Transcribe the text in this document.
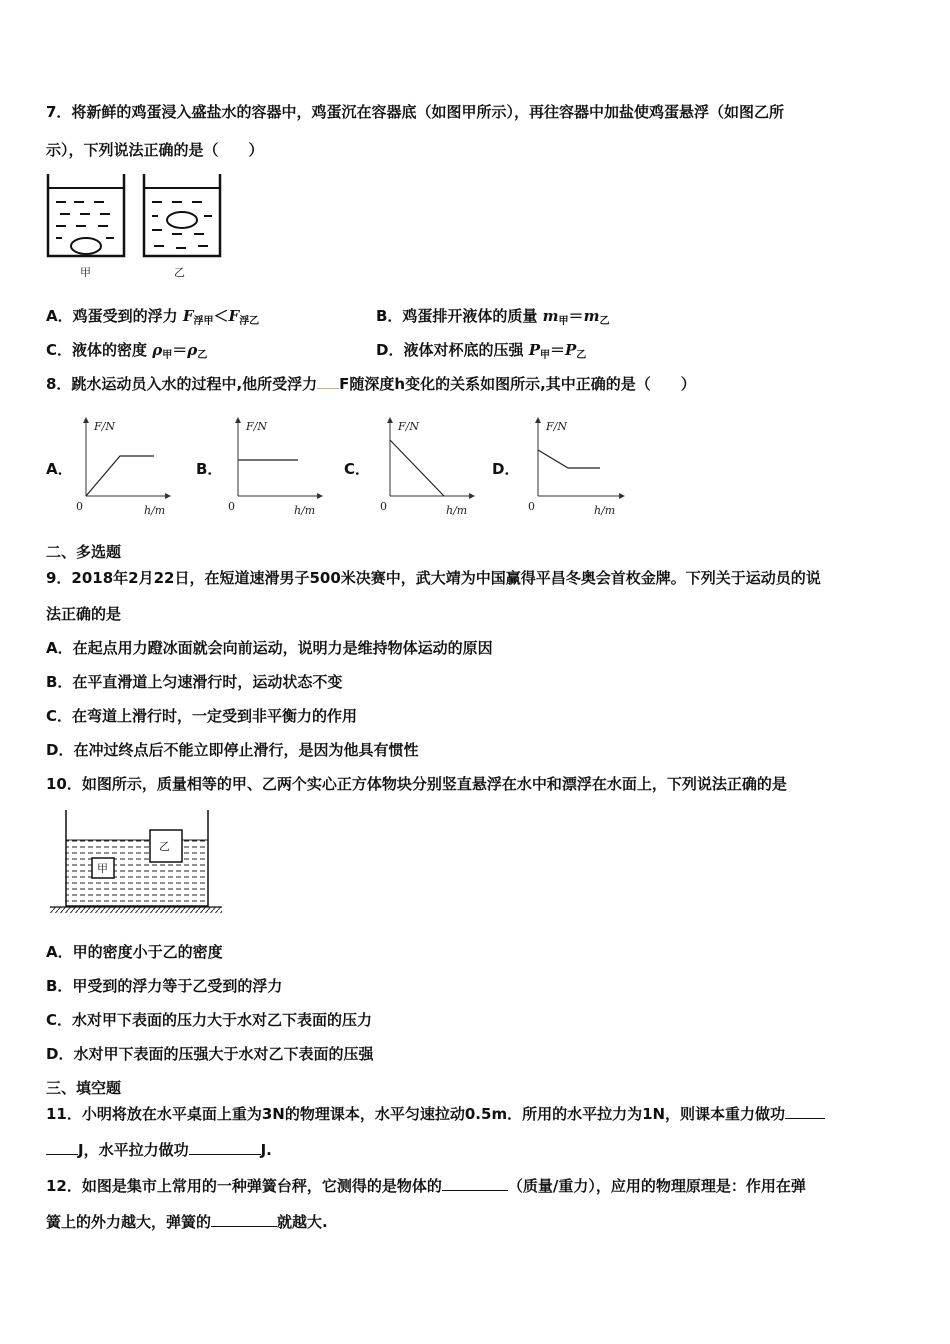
7．将新鲜的鸡蛋浸入盛盐水的容器中，鸡蛋沉在容器底（如图甲所示），再往容器中加盐使鸡蛋悬浮（如图乙所
示），下列说法正确的是（　　）
甲	乙
A．鸡蛋受到的浮力 $F_{浮甲}<F_{浮乙}$	B．鸡蛋排开液体的质量 $m_甲=m_乙$
C．液体的密度 $\rho_甲=\rho_乙$	D．液体对杯底的压强 $P_甲=P_乙$
8．跳水运动员入水的过程中,他所受浮力 F随深度h变化的关系如图所示,其中正确的是（　　）
A．	B．	C．	D．
F/N
0	h/m
F/N
0	h/m
F/N
0	h/m
F/N
0	h/m
二、多选题
9．2018年2月22日，在短道速滑男子500米决赛中，武大靖为中国赢得平昌冬奥会首枚金牌。下列关于运动员的说
法正确的是
A．在起点用力蹬冰面就会向前运动，说明力是维持物体运动的原因
B．在平直滑道上匀速滑行时，运动状态不变
C．在弯道上滑行时，一定受到非平衡力的作用
D．在冲过终点后不能立即停止滑行，是因为他具有惯性
10．如图所示，质量相等的甲、乙两个实心正方体物块分别竖直悬浮在水中和漂浮在水面上，下列说法正确的是
乙
甲
A．甲的密度小于乙的密度
B．甲受到的浮力等于乙受到的浮力
C．水对甲下表面的压力大于水对乙下表面的压力
D．水对甲下表面的压强大于水对乙下表面的压强
三、填空题
11．小明将放在水平桌面上重为3N的物理课本，水平匀速拉动0.5m．所用的水平拉力为1N，则课本重力做功
J，水平拉力做功	J.
12．如图是集市上常用的一种弹簧台秤，它测得的是物体的	（质量/重力），应用的物理原理是：作用在弹
簧上的外力越大，弹簧的	就越大.
